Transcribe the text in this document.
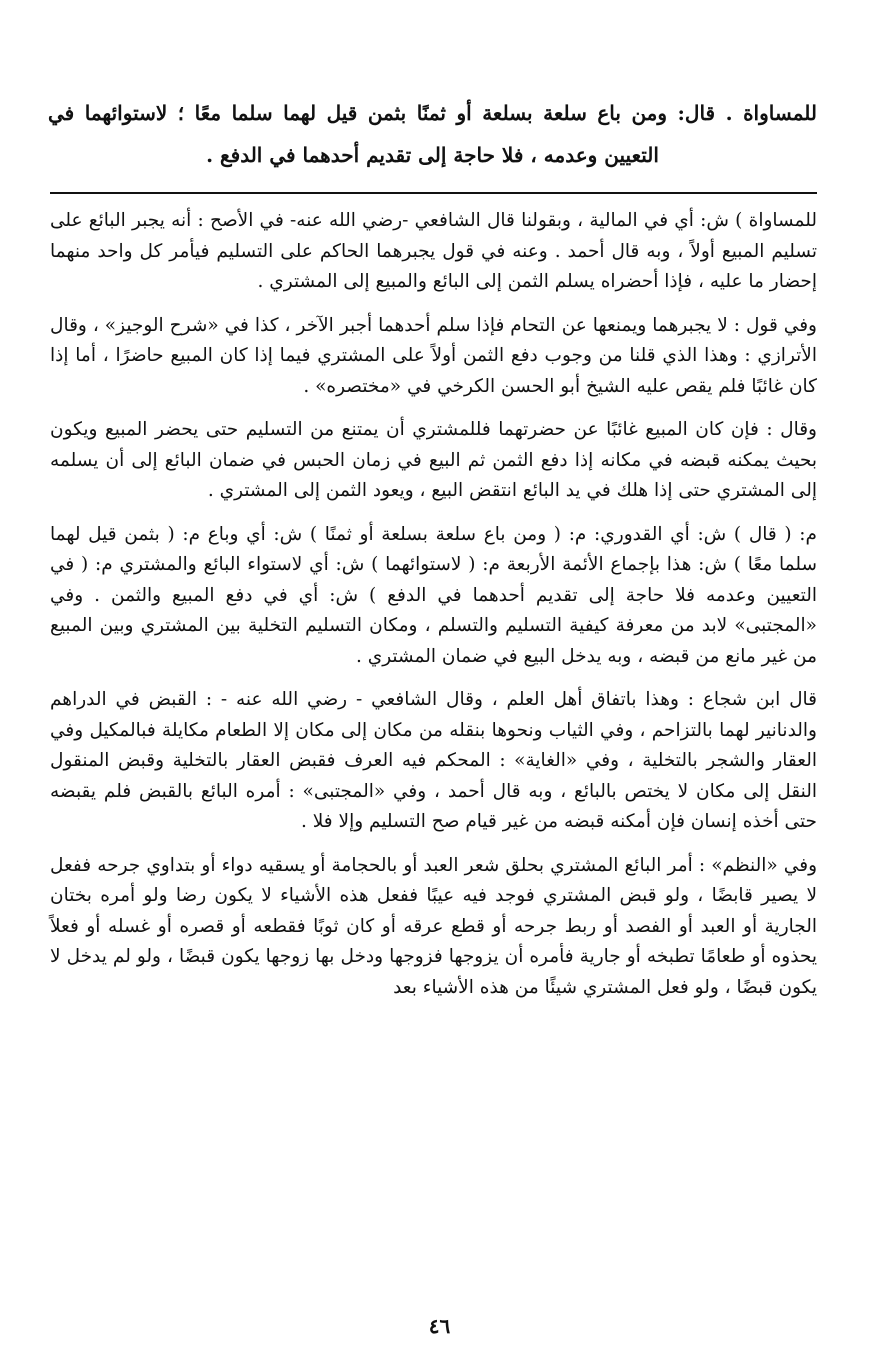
للمساواة . قال: ومن باع سلعة بسلعة أو ثمنًا بثمن قيل لهما سلما معًا ؛ لاستوائهما في التعيين وعدمه ، فلا حاجة إلى تقديم أحدهما في الدفع .

للمساواة ) ش: أي في المالية ، وبقولنا قال الشافعي -رضي الله عنه- في الأصح : أنه يجبر البائع على تسليم المبيع أولاً ، وبه قال أحمد . وعنه في قول يجبرهما الحاكم على التسليم فيأمر كل واحد منهما إحضار ما عليه ، فإذا أحضراه يسلم الثمن إلى البائع والمبيع إلى المشتري .

وفي قول : لا يجبرهما ويمنعها عن التحام فإذا سلم أحدهما أجبر الآخر ، كذا في «شرح الوجيز» ، وقال الأترازي : وهذا الذي قلنا من وجوب دفع الثمن أولاً على المشتري فيما إذا كان المبيع حاضرًا ، أما إذا كان غائبًا فلم يقص عليه الشيخ أبو الحسن الكرخي في «مختصره» .

وقال : فإن كان المبيع غائبًا عن حضرتهما فللمشتري أن يمتنع من التسليم حتى يحضر المبيع ويكون بحيث يمكنه قبضه في مكانه إذا دفع الثمن ثم البيع في زمان الحبس في ضمان البائع إلى أن يسلمه إلى المشتري حتى إذا هلك في يد البائع انتقض البيع ، ويعود الثمن إلى المشتري .

م: ( قال ) ش: أي القدوري: م: ( ومن باع سلعة بسلعة أو ثمنًا ) ش: أي وباع م: ( بثمن قيل لهما سلما معًا ) ش: هذا بإجماع الأئمة الأربعة م: ( لاستوائهما ) ش: أي لاستواء البائع والمشتري م: ( في التعيين وعدمه فلا حاجة إلى تقديم أحدهما في الدفع ) ش: أي في دفع المبيع والثمن . وفي «المجتبى» لابد من معرفة كيفية التسليم والتسلم ، ومكان التسليم التخلية بين المشتري وبين المبيع من غير مانع من قبضه ، وبه يدخل البيع في ضمان المشتري .

قال ابن شجاع : وهذا باتفاق أهل العلم ، وقال الشافعي - رضي الله عنه - : القبض في الدراهم والدنانير لهما بالتزاحم ، وفي الثياب ونحوها بنقله من مكان إلى مكان إلا الطعام مكايلة فبالمكيل وفي العقار والشجر بالتخلية ، وفي «الغاية» : المحكم فيه العرف فقبض العقار بالتخلية وقبض المنقول النقل إلى مكان لا يختص بالبائع ، وبه قال أحمد ، وفي «المجتبى» : أمره البائع بالقبض فلم يقبضه حتى أخذه إنسان فإن أمكنه قبضه من غير قيام صح التسليم وإلا فلا .

وفي «النظم» : أمر البائع المشتري بحلق شعر العبد أو بالحجامة أو يسقيه دواء أو بتداوي جرحه ففعل لا يصير قابضًا ، ولو قبض المشتري فوجد فيه عيبًا ففعل هذه الأشياء لا يكون رضا ولو أمره بختان الجارية أو العبد أو الفصد أو ربط جرحه أو قطع عرقه أو كان ثوبًا فقطعه أو قصره أو غسله أو فعلاً يحذوه أو طعامًا تطبخه أو جارية فأمره أن يزوجها فزوجها ودخل بها زوجها يكون قبضًا ، ولو لم يدخل لا يكون قبضًا ، ولو فعل المشتري شيئًا من هذه الأشياء بعد

٤٦
